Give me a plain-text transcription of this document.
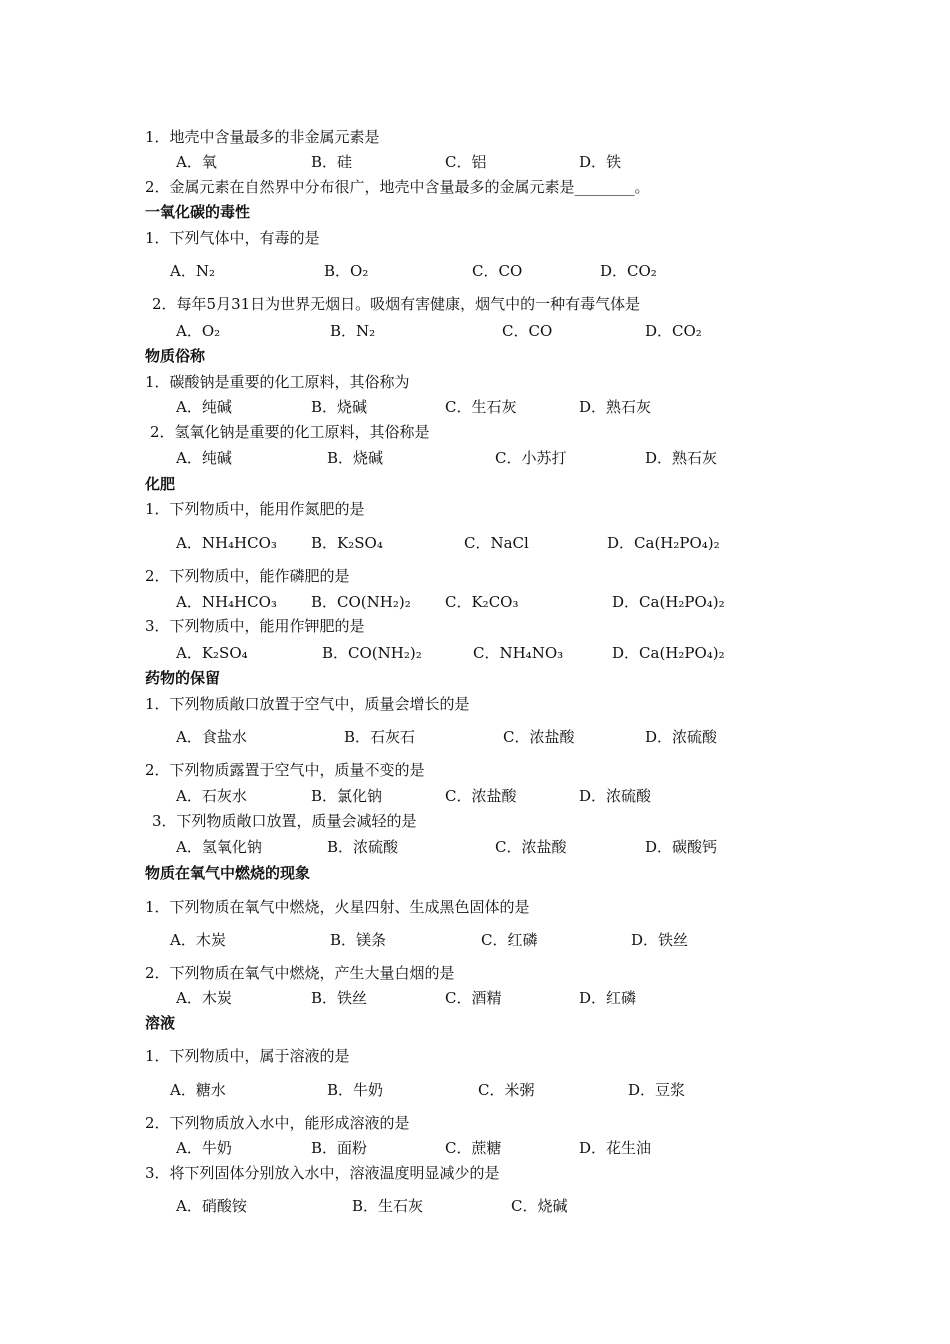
1．地壳中含量最多的非金属元素是
A．氧	B．硅	C．铝	D．铁
2．金属元素在自然界中分布很广，地壳中含量最多的金属元素是________。
一氧化碳的毒性
1．下列气体中，有毒的是
A．N₂	B．O₂	C．CO	D．CO₂
2．每年5月31日为世界无烟日。吸烟有害健康，烟气中的一种有毒气体是
A．O₂	B．N₂	C．CO	D．CO₂
物质俗称
1．碳酸钠是重要的化工原料，其俗称为
A．纯碱	B．烧碱	C．生石灰	D．熟石灰
2．氢氧化钠是重要的化工原料，其俗称是
A．纯碱	B．烧碱	C．小苏打	D．熟石灰
化肥
1．下列物质中，能用作氮肥的是
A．NH₄HCO₃ B．K₂SO₄	C．NaCl	D．Ca(H₂PO₄)₂
2．下列物质中，能作磷肥的是
A．NH₄HCO₃ B．CO(NH₂)₂ C．K₂CO₃	D．Ca(H₂PO₄)₂
3．下列物质中，能用作钾肥的是
A．K₂SO₄	B．CO(NH₂)₂	C．NH₄NO₃	D．Ca(H₂PO₄)₂
药物的保留
1．下列物质敞口放置于空气中，质量会增长的是
A．食盐水	B．石灰石	C．浓盐酸	D．浓硫酸
2．下列物质露置于空气中，质量不变的是
A．石灰水	B．氯化钠	C．浓盐酸	D．浓硫酸
3．下列物质敞口放置，质量会减轻的是
A．氢氧化钠	B．浓硫酸	C．浓盐酸	D．碳酸钙
物质在氧气中燃烧的现象
1．下列物质在氧气中燃烧，火星四射、生成黑色固体的是
A．木炭	B．镁条	C．红磷	D．铁丝
2．下列物质在氧气中燃烧，产生大量白烟的是
A．木炭	B．铁丝	C．酒精	D．红磷
溶液
1．下列物质中，属于溶液的是
A．糖水	B．牛奶	C．米粥	D．豆浆
2．下列物质放入水中，能形成溶液的是
A．牛奶	B．面粉	C．蔗糖	D．花生油
3．将下列固体分别放入水中，溶液温度明显减少的是
A．硝酸铵	B．生石灰	C．烧碱
